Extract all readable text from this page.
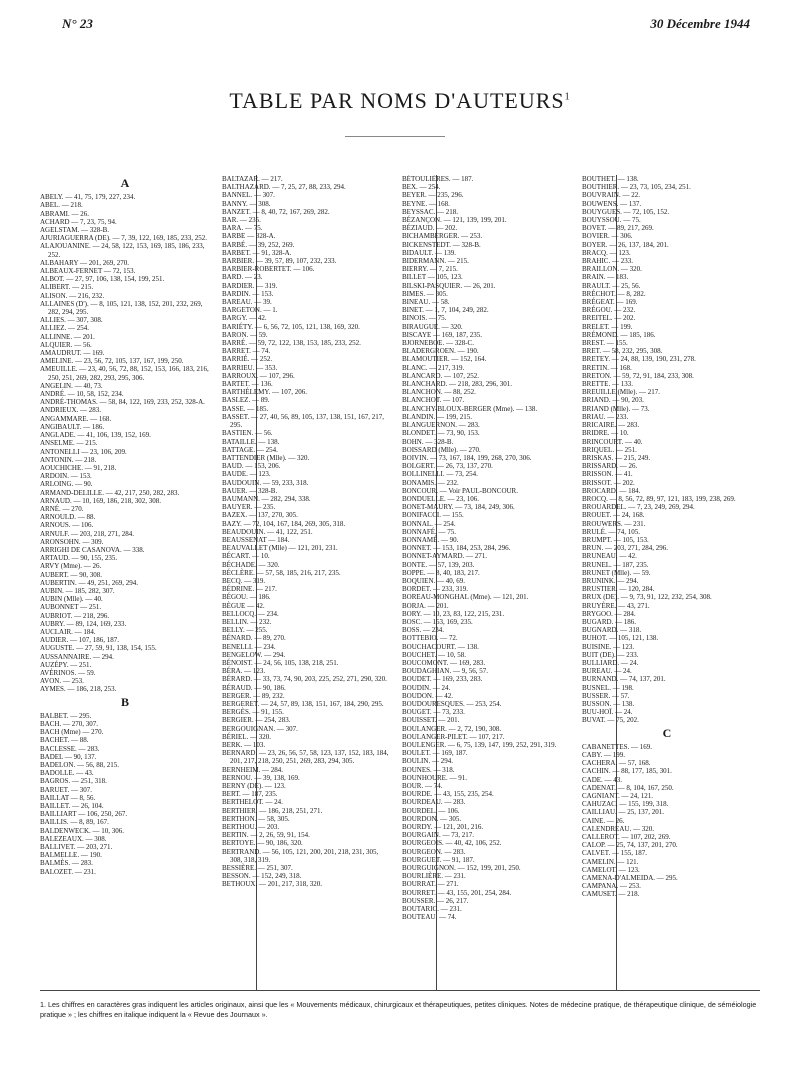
N° 23	30 Décembre 1944
TABLE PAR NOMS D'AUTEURS$^1$
A
ABELY. — 41, 75, 179, 227, 234.
ABEL. — 218.
ABRAMI. — 26.
ACHARD — 7, 23, 75, 94.
AGELSTAM. — 328-B.
AJURIAGUERRA (DE). — 7, 39, 122, 169, 185, 233, 252.
ALAJOUANINE. — 24, 58, 122, 153, 169, 185, 186, 233, 252.
ALBAHARY — 201, 269, 270.
ALBEAUX-FERNET — 72, 153.
ALBOT. — 27, 97, 106, 138, 154, 199, 251.
ALIBERT. — 215.
ALISON. — 216, 232.
ALLAINES (D'). — 8, 105, 121, 138, 152, 201, 232, 269, 282, 294, 295.
ALLIES. — 307, 308.
ALLIEZ. — 254.
ALLINNE. — 201.
ALQUIER. — 56.
AMAUDRUT. — 169.
AMELINE. — 23, 56, 72, 105, 137, 167, 199, 250.
AMEUILLE. — 23, 40, 56, 72, 88, 152, 153, 166, 183, 216, 250, 251, 269, 282, 293, 295, 306.
ANGELIN. — 40, 73.
ANDRÉ. — 10, 58, 152, 234.
ANDRÉ-THOMAS. — 58, 84, 122, 169, 233, 252, 328-A.
ANDRIEUX. — 283.
ANGAMMARE. — 168.
ANGIBAULT. — 186.
ANGLADE. — 41, 106, 139, 152, 169.
ANSELME. — 215.
ANTONELLI — 23, 106, 209.
ANTONIN. — 218.
AOUCHICHE. — 91, 218.
ARDOIN. — 153.
ARLOING. — 90.
ARMAND-DELILLE. — 42, 217, 250, 282, 283.
ARNAUD. — 10, 169, 186, 218, 302, 308.
ARNÉ. — 270.
ARNOULD. — 88.
ARNOUS. — 106.
ARNULF. — 203, 218, 271, 284.
ARONSOHN. — 309.
ARRIGHI DE CASANOVA. — 338.
ARTAUD. — 90, 155, 235.
ARVY (Mme). — 26.
AUBERT. — 90, 308.
AUBERTIN. — 49, 251, 269, 294.
AUBIN. — 185, 282, 307.
AUBIN (Mlle). — 40.
AUBONNET — 251.
AUBRIOT. — 218, 296.
AUBRY. — 89, 124, 169, 233.
AUCLAIR. — 184.
AUDIER. — 107, 186, 187.
AUGUSTE. — 27, 59, 91, 138, 154, 155.
AUSSANNAIRE. — 294.
AUZÉPY. — 251.
AVÉRINOS. — 59.
AVON. — 253.
AYMES. — 186, 218, 253.
B
BALBET. — 295.
BACH. — 270, 307.
BACH (Mme) — 270.
BACHET. — 88.
BACLESSE. — 283.
BADEL — 90, 137.
BADELON. — 56, 88, 215.
BADOLLE. — 43.
BAGROS. — 251, 318.
BARUET. — 307.
BAILLAT — 8, 56.
BAILLET. — 26, 104.
BAILLIART — 106, 250, 267.
BAILLIS. — 8, 89, 167.
BALDENWECK. — 10, 306.
BALEZEAUX. — 308.
BALLIVET. — 203, 271.
BALMELLE. — 190.
BALMÈS. — 283.
BALOZET. — 231.
BALTAZAR. — 217.
BALTHAZARD. — 7, 25, 27, 88, 233, 294.
BANNEL. — 307.
BANNY. — 308.
BANZET. — 8, 40, 72, 167, 269, 282.
BAR. — 235.
BARA. — 75.
BARBE — 328-A.
BARBÉ. — 39, 252, 269.
BARBET. — 91, 328-A.
BARBIER. — 39, 57, 89, 107, 232, 233.
BARBIER-ROBERTET. — 106.
BARD. — 23.
BARDIER. — 319.
BARDIN. — 153.
BAREAU. — 39.
BARGETON. — 1.
BARGY. — 42.
BARIÉTY. — 6, 56, 72, 105, 121, 138, 169, 320.
BARON. — 59.
BARRÉ. — 59, 72, 122, 138, 153, 185, 233, 252.
BARRET. — 74.
BARRIÉ. — 252.
BARRIEU. — 353.
BARROUX. — 107, 296.
BARTET. — 136.
BARTHÉLEMY. — 107, 206.
BASLEZ. — 89.
BASSE. — 185.
BASSET. — 27, 40, 56, 89, 105, 137, 138, 151, 167, 217, 295.
BASTIEN. — 56.
BATAILLE. — 138.
BATTAGE. — 254.
BATTENDIER (Mlle). — 320.
BAUD. — 153, 206.
BAUDE. — 123.
BAUDOUIN. — 59, 233, 318.
BAUER. — 328-B.
BAUMANN. — 282, 294, 338.
BAUYER. — 235.
BAZEX. — 137, 270, 305.
BAZY. — 72, 104, 167, 184, 269, 305, 318.
BEAUDOUIN. — 41, 122, 251.
BEAUSSENAT — 184.
BEAUVALLET (Mlle) — 121, 201, 231.
BÉCART. — 10.
BÉCHADE. — 320.
BÉCLÈRE. — 57, 58, 185, 216, 217, 235.
BECQ. — 319.
BÉDRINE. — 217.
BÉGOU. — 186.
BÈGUE — 42.
BELLOCQ. — 234.
BELLIN. — 232.
BELLY. — 255.
BÉNARD. — 89, 270.
BENELLI. — 234.
BENGELOW. — 294.
BÉNOIST. — 24, 56, 105, 138, 218, 251.
BÉRA. — 123.
BÉRARD. — 33, 73, 74, 90, 203, 225, 252, 271, 290, 320.
BÉRAUD. — 90, 186.
BERGER. — 89, 232.
BERGERET. — 24, 57, 89, 138, 151, 167, 184, 290, 295.
BERGÈS. — 91, 155.
BERGIER. — 254, 283.
BERGOUIGNAN. — 307.
BÉRIEL. — 320.
BERK. — 103.
BERNARD. — 23, 26, 56, 57, 58, 123, 137, 152, 183, 184, 201, 217, 218, 250, 251, 269, 283, 294, 305.
BERNHEIM. — 284.
BERNOU. — 39, 138, 169.
BERNY (DE). — 123.
BERT. — 187, 235.
BERTHELOT. — 24.
BERTHIER. — 186, 218, 251, 271.
BERTHON. — 58, 305.
BERTHOU. — 203.
BERTIN. — 2, 26, 59, 91, 154.
BERTOYE. — 90, 186, 320.
BERTRAND. — 56, 105, 121, 200, 201, 218, 231, 305, 308, 318, 319.
BESSIÈRE. — 251, 307.
BESSON. — 152, 249, 318.
BETHOUX. — 201, 217, 318, 320.
BÉTOULIÈRES. — 187.
BEX. — 254.
BEYER. — 235, 296.
BEYNE. — 168.
BEYSSAC. — 218.
BÉZANÇON. — 121, 139, 199, 201.
BÉZIAUD. — 202.
BICHAMBERGER. — 253.
BICKENSTEDT. — 328-B.
BIDAULT. — 139.
BIDERMANN. — 215.
BIERRY. — 7, 215.
BILLET — 105, 123.
BILSKI-PASQUIER. — 26, 201.
BIMES. — 305.
BINEAU. — 58.
BINET. — 1, 7, 104, 249, 282.
BINOIS. — 75.
BIRAUGUE. — 320.
BISCAYE — 169, 187, 235.
BJORNEBOE. — 328-C.
BLADERGROEN. — 190.
BLAMOUTIER. — 152, 164.
BLANC. — 217, 319.
BLANCARD. — 107, 252.
BLANCHARD. — 218, 283, 296, 301.
BLANCHON. — 88, 252.
BLANCHOT. — 107.
BLANCHY-BLOUX-BERGER (Mme). — 138.
BLANDIN. — 199, 215.
BLANGUERNON. — 283.
BLONDET. — 73, 90, 153.
BOHN. — 328-B.
BOISSARD (Mlle). — 270.
BOIVIN. — 73, 167, 184, 199, 268, 270, 306.
BOLGERT. — 26, 73, 137, 270.
BOLLINELLI. — 73, 254.
BONAMIS. — 232.
BONCOUR. — Voir PAUL-BONCOUR.
BONDUELLE. — 23, 106.
BONET-MAURY. — 73, 184, 249, 306.
BONIFACCI. — 155.
BONNAL. — 254.
BONNAFÉ. — 75.
BONNAMÉ. — 90.
BONNET. — 153, 184, 253, 284, 296.
BONNET-AYMARD. — 271.
BONTE. — 57, 139, 203.
BOPPE. — 8, 40, 183, 217.
BOQUIEN. — 40, 69.
BORDET. — 233, 319.
BOREAU-MONGHAL (Mme). — 121, 201.
BORJA. — 201.
BORY. — 10, 23, 83, 122, 215, 231.
BOSC. — 153, 169, 235.
BOSS. — 234.
BOTTEBIO. — 72.
BOUCHACOURT. — 138.
BOUCHET. — 10, 58.
BOUCOMONT. — 169, 283.
BOUDAGHIAN. — 9, 56, 57.
BOUDET. — 169, 233, 283.
BOUDIN. — 24.
BOUDON. — 42.
BOUDOURESQUES. — 253, 254.
BOUGET. — 73, 233.
BOUISSET. — 201.
BOULANGER. — 2, 72, 190, 308.
BOULANGER-PILET. — 107, 217.
BOULENGER. — 6, 75, 139, 147, 199, 252, 291, 319.
BOULET. — 169, 187.
BOULIN. — 294.
BOUNES. — 318.
BOUNHOURE. — 91.
BOUR. — 74.
BOURDE. — 43, 155, 235, 254.
BOURDEAU. — 283.
BOURDEL. — 106.
BOURDON. — 305.
BOURDY. — 121, 201, 216.
BOURGAIN. — 73, 217.
BOURGEOIS. — 40, 42, 106, 252.
BOURGEON. — 283.
BOURGUET. — 91, 187.
BOURGUIGNON. — 152, 199, 201, 250.
BOURLIÈRE. — 231.
BOURRAT. — 271.
BOURRET. — 43, 155, 201, 254, 284.
BOUSSER. — 26, 217.
BOUTARIC. — 231.
BOUTEAU. — 74.
BOUTHET. — 138.
BOUTHIER. — 23, 73, 105, 234, 251.
BOUVRAIN. — 22.
BOUWENS. — 137.
BOUYGUES. — 72, 105, 152.
BOUYSSOU. — 75.
BOVET. — 89, 217, 269.
BOVIER. — 306.
BOYER. — 26, 137, 184, 201.
BRACQ. — 123.
BRAHIC. — 233.
BRAILLON. — 320.
BRAIN. — 183.
BRAULT. — 25, 56.
BRÉCHOT. — 8, 282.
BRÉGEAT. — 169.
BRÉGOU. — 232.
BREITEL. — 202.
BRELET. — 199.
BRÉMOND. — 185, 186.
BREST. — 155.
BRET. — 58, 232, 295, 308.
BRETEY. — 24, 88, 139, 190, 231, 278.
BRETIN. — 168.
BRETON. — 59, 72, 91, 184, 233, 308.
BRETTE. — 133.
BREUILLE (Mlle). — 217.
BRIAND. — 90, 203.
BRIAND (Mlle). — 73.
BRIAU. — 233.
BRICAIRE. — 283.
BRIDRE. — 10.
BRINCOURT. — 40.
BRIQUEL. — 251.
BRISKAS. — 215, 249.
BRISSARD. — 26.
BRISSON. — 41.
BRISSOT. — 202.
BROCARD. — 184.
BROCQ. — 8, 56, 72, 89, 97, 121, 183, 199, 238, 269.
BROUARDEL. — 7, 23, 249, 269, 294.
BROUET. — 24, 168.
BROUWERS. — 231.
BRULÉ. — 74, 105.
BRUMPT. — 105, 153.
BRUN. — 203, 271, 284, 296.
BRUNEAU. — 42.
BRUNEL. — 187, 235.
BRUNET (Mlle). — 59.
BRUNINK. — 294.
BRUSTIER. — 120, 284.
BRUX (DE). — 9, 73, 91, 122, 232, 254, 308.
BRUYÈRE. — 43, 271.
BRYGOO. — 284.
BUGARD. — 186.
BUGNARD. — 318.
BUHOT. — 105, 121, 138.
BUISINE. — 123.
BUIT (DE). — 233.
BULLIARD. — 24.
BUREAU. — 24.
BURNAND. — 74, 137, 201.
BUSNEL. — 198.
BUSSER. — 57.
BUSSON. — 138.
BUU-HOÏ. — 24.
BUVAT. — 75, 202.
C
CABANETTES. — 169.
CABY. — 199.
CACHERA. — 57, 168.
CACHIN. — 88, 177, 185, 301.
CADE. — 43.
CADENAT. — 8, 104, 167, 250.
CAGNIANT. — 24, 121.
CAHUZAC. — 155, 199, 318.
CAILLIAU. — 25, 137, 201.
CAINE. — 26.
CALENDREAU. — 320.
CALLEROT. — 107, 202, 269.
CALOP. — 25, 74, 137, 201, 270.
CALVET. — 155, 187.
CAMELIN. — 121.
CAMELOT. — 123.
CAMENA-D'ALMEIDA. — 295.
CAMPANA. — 253.
CAMUSET. — 218.
1. Les chiffres en caractères gras indiquent les articles originaux, ainsi que les « Mouvements médicaux, chirurgicaux et thérapeutiques, petites cliniques. Notes de médecine pratique, de thérapeutique clinique, de séméiologie pratique » ; les chiffres en italique indiquent la « Revue des Journaux ».
